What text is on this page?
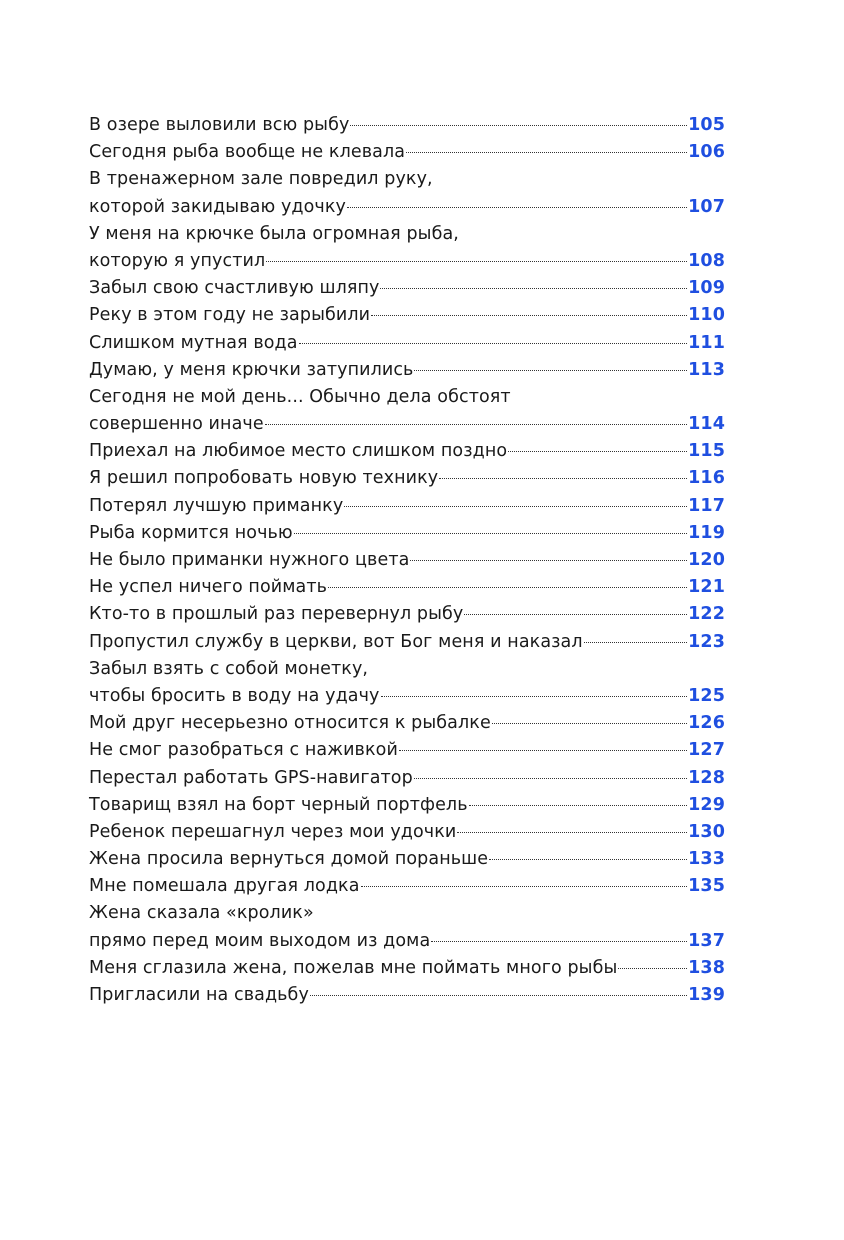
В озере выловили всю рыбу	105
Сегодня рыба вообще не клевала	106
В тренажерном зале повредил руку,
которой закидываю удочку	107
У меня на крючке была огромная рыба,
которую я упустил	108
Забыл свою счастливую шляпу	109
Реку в этом году не зарыбили	110
Слишком мутная вода	111
Думаю, у меня крючки затупились	113
Сегодня не мой день... Обычно дела обстоят
совершенно иначе	114
Приехал на любимое место слишком поздно	115
Я решил попробовать новую технику	116
Потерял лучшую приманку	117
Рыба кормится ночью	119
Не было приманки нужного цвета	120
Не успел ничего поймать	121
Кто-то в прошлый раз перевернул рыбу	122
Пропустил службу в церкви, вот Бог меня и наказал	123
Забыл взять с собой монетку,
чтобы бросить в воду на удачу	125
Мой друг несерьезно относится к рыбалке	126
Не смог разобраться с наживкой	127
Перестал работать GPS-навигатор	128
Товарищ взял на борт черный портфель	129
Ребенок перешагнул через мои удочки	130
Жена просила вернуться домой пораньше	133
Мне помешала другая лодка	135
Жена сказала «кролик»
прямо перед моим выходом из дома	137
Меня сглазила жена, пожелав мне поймать много рыбы	138
Пригласили на свадьбу	139
